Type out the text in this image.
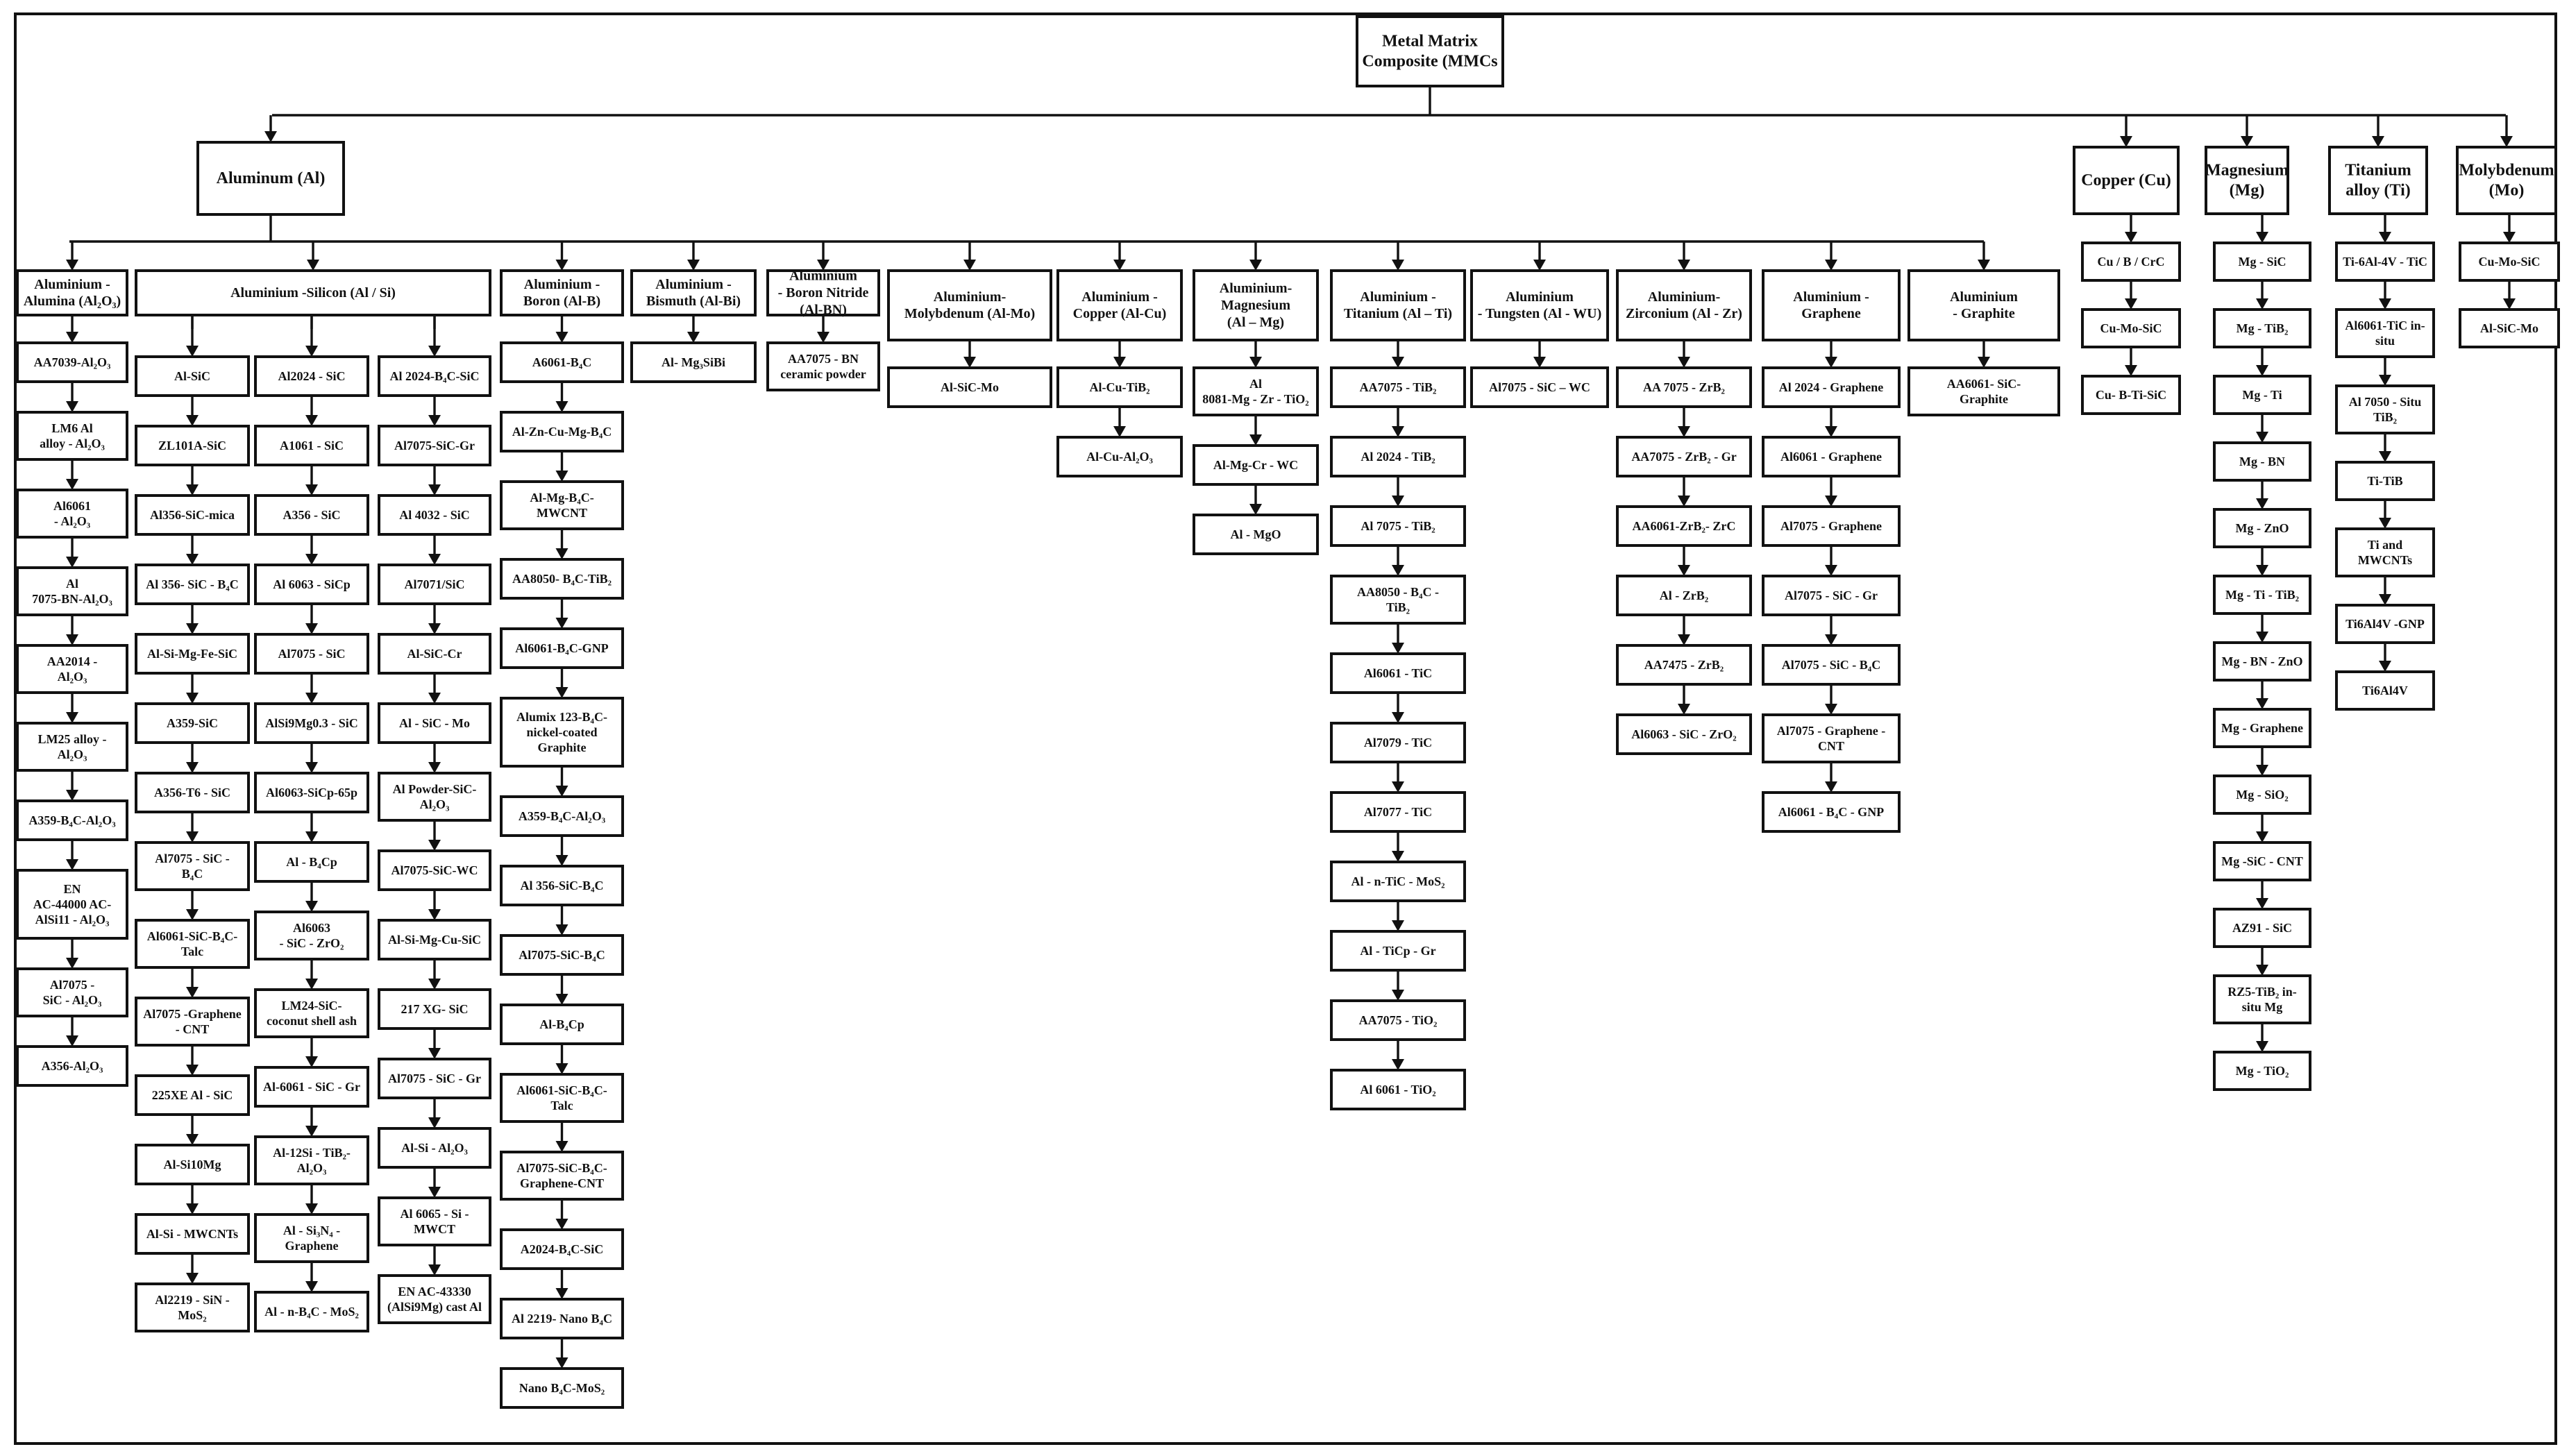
Metal Matrix
Composite (MMCs
Aluminum (Al)	Copper (Cu)
Magnesium
(Mg)
Titanium
alloy (Ti)
Molybdenum
(Mo)
Aluminium -
Alumina (Al₂O₃)
AA7039-Al₂O₃
LM6 Al
alloy - Al₂O₃
Al6061
- Al₂O₃
Al
7075-BN-Al₂O₃
AA2014 -
Al₂O₃
LM25 alloy -
Al₂O₃
A359-B₄C-Al₂O₃
EN
AC-44000 AC-
AlSi11 - Al₂O₃
Al7075 -
SiC - Al₂O₃
A356-Al₂O₃
Aluminium -Silicon (Al / Si)
Al-SiC
ZL101A-SiC
Al356-SiC-mica
Al 356- SiC - B₄C
Al-Si-Mg-Fe-SiC
A359-SiC
A356-T6 - SiC
Al7075 - SiC -
B₄C
Al6061-SiC-B₄C-
Talc
Al7075 -Graphene
- CNT
225XE Al - SiC
Al-Si10Mg
Al-Si - MWCNTs
Al2219 - SiN -
MoS₂
Al2024 - SiC
A1061 - SiC
A356 - SiC
Al 6063 - SiCp
Al7075 - SiC
AlSi9Mg0.3 - SiC
Al6063-SiCp-65p
Al - B₄Cp
Al6063
- SiC - ZrO₂
LM24-SiC-
coconut shell ash
Al-6061 - SiC - Gr
Al-12Si - TiB₂-
Al₂O₃
Al - Si₃N₄ -
Graphene
Al - n-B₄C - MoS₂
Al 2024-B₄C-SiC
Al7075-SiC-Gr
Al 4032 - SiC
Al7071/SiC
Al-SiC-Cr
Al - SiC - Mo
Al Powder-SiC-
Al₂O₃
Al7075-SiC-WC
Al-Si-Mg-Cu-SiC
217 XG- SiC
Al7075 - SiC - Gr
Al-Si - Al₂O₃
Al 6065 - Si -
MWCT
EN AC-43330
(AlSi9Mg) cast Al
Aluminium -
Boron (Al-B)
A6061-B₄C
Al-Zn-Cu-Mg-B₄C
Al-Mg-B₄C-
MWCNT
AA8050- B₄C-TiB₂
Al6061-B₄C-GNP
Alumix 123-B₄C-
nickel-coated
Graphite
A359-B₄C-Al₂O₃
Al 356-SiC-B₄C
Al7075-SiC-B₄C
Al-B₄Cp
Al6061-SiC-B₄C-
Talc
Al7075-SiC-B₄C-
Graphene-CNT
A2024-B₄C-SiC
Al 2219- Nano B₄C
Nano B₄C-MoS₂
Aluminium -
Bismuth (Al-Bi)
Al- Mg₃SiBi
Aluminium
- Boron Nitride
(Al-BN)
AA7075 - BN
ceramic powder
Aluminium-
Molybdenum (Al-Mo)
Al-SiC-Mo
Aluminium -
Copper (Al-Cu)
Al-Cu-TiB₂
Al-Cu-Al₂O₃
Aluminium-
Magnesium
(Al – Mg)
Al
8081-Mg - Zr - TiO₂
Al-Mg-Cr - WC
Al - MgO
Aluminium -
Titanium (Al – Ti)
AA7075 - TiB₂
Al 2024 - TiB₂
Al 7075 - TiB₂
AA8050 - B₄C -
TiB₂
Al6061 - TiC
Al7079 - TiC
Al7077 - TiC
Al - n-TiC - MoS₂
Al - TiCp - Gr
AA7075 - TiO₂
Al 6061 - TiO₂
Aluminium
- Tungsten (Al - WU)
Al7075 - SiC – WC
Aluminium-
Zirconium (Al - Zr)
AA 7075 - ZrB₂
AA7075 - ZrB₂ - Gr
AA6061-ZrB₂- ZrC
Al - ZrB₂
AA7475 - ZrB₂
Al6063 - SiC - ZrO₂
Aluminium -
Graphene
Al 2024 - Graphene
Al6061 - Graphene
Al7075 - Graphene
Al7075 - SiC - Gr
Al7075 - SiC - B₄C
Al7075 - Graphene -
CNT
Al6061 - B₄C - GNP
Aluminium
- Graphite
AA6061- SiC-
Graphite
Cu / B / CrC
Cu-Mo-SiC
Cu- B-Ti-SiC
Mg - SiC
Mg - TiB₂
Mg - Ti
Mg - BN
Mg - ZnO
Mg - Ti - TiB₂
Mg - BN - ZnO
Mg - Graphene
Mg - SiO₂
Mg -SiC - CNT
AZ91 - SiC
RZ5-TiB₂ in-
situ Mg
Mg - TiO₂
Ti-6Al-4V - TiC
Al6061-TiC in-
situ
Al 7050 - Situ
TiB₂
Ti-TiB
Ti and
MWCNTs
Ti6Al4V -GNP
Ti6Al4V
Cu-Mo-SiC
Al-SiC-Mo
